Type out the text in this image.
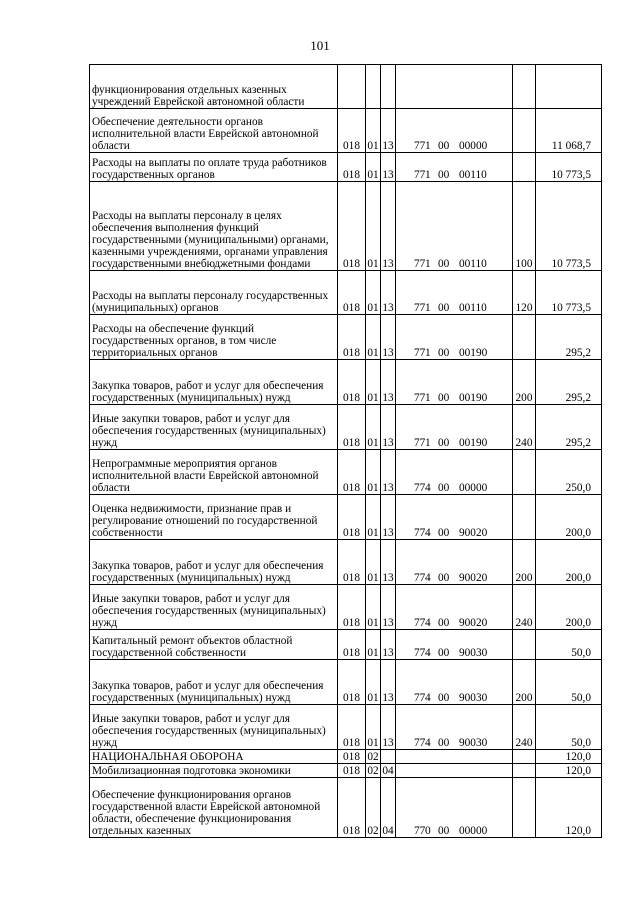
101
функционирования отдельных казенных учреждений Еврейской автономной области						
Обеспечение деятельности органов исполнительной власти Еврейской автономной области	018	01	13	771 00 00000		11 068,7
Расходы на выплаты по оплате труда работников государственных органов	018	01	13	771 00 00110		10 773,5
Расходы на выплаты персоналу в целях обеспечения выполнения функций государственными (муниципальными) органами, казенными учреждениями, органами управления государственными внебюджетными фондами	018	01	13	771 00 00110	100	10 773,5
Расходы на выплаты персоналу государственных (муниципальных) органов	018	01	13	771 00 00110	120	10 773,5
Расходы на обеспечение функций государственных органов, в том числе территориальных органов	018	01	13	771 00 00190		295,2
Закупка товаров, работ и услуг для обеспечения государственных (муниципальных) нужд	018	01	13	771 00 00190	200	295,2
Иные закупки товаров, работ и услуг для обеспечения государственных (муниципальных) нужд	018	01	13	771 00 00190	240	295,2
Непрограммные мероприятия органов исполнительной власти Еврейской автономной области	018	01	13	774 00 00000		250,0
Оценка недвижимости, признание прав и регулирование отношений по государственной собственности	018	01	13	774 00 90020		200,0
Закупка товаров, работ и услуг для обеспечения государственных (муниципальных) нужд	018	01	13	774 00 90020	200	200,0
Иные закупки товаров, работ и услуг для обеспечения государственных (муниципальных) нужд	018	01	13	774 00 90020	240	200,0
Капитальный ремонт объектов областной государственной собственности	018	01	13	774 00 90030		50,0
Закупка товаров, работ и услуг для обеспечения государственных (муниципальных) нужд	018	01	13	774 00 90030	200	50,0
Иные закупки товаров, работ и услуг для обеспечения государственных (муниципальных) нужд	018	01	13	774 00 90030	240	50,0
НАЦИОНАЛЬНАЯ ОБОРОНА	018	02				120,0
Мобилизационная подготовка экономики	018	02	04			120,0
Обеспечение функционирования органов государственной власти Еврейской автономной области, обеспечение функционирования отдельных казенных	018	02	04	770 00 00000		120,0
